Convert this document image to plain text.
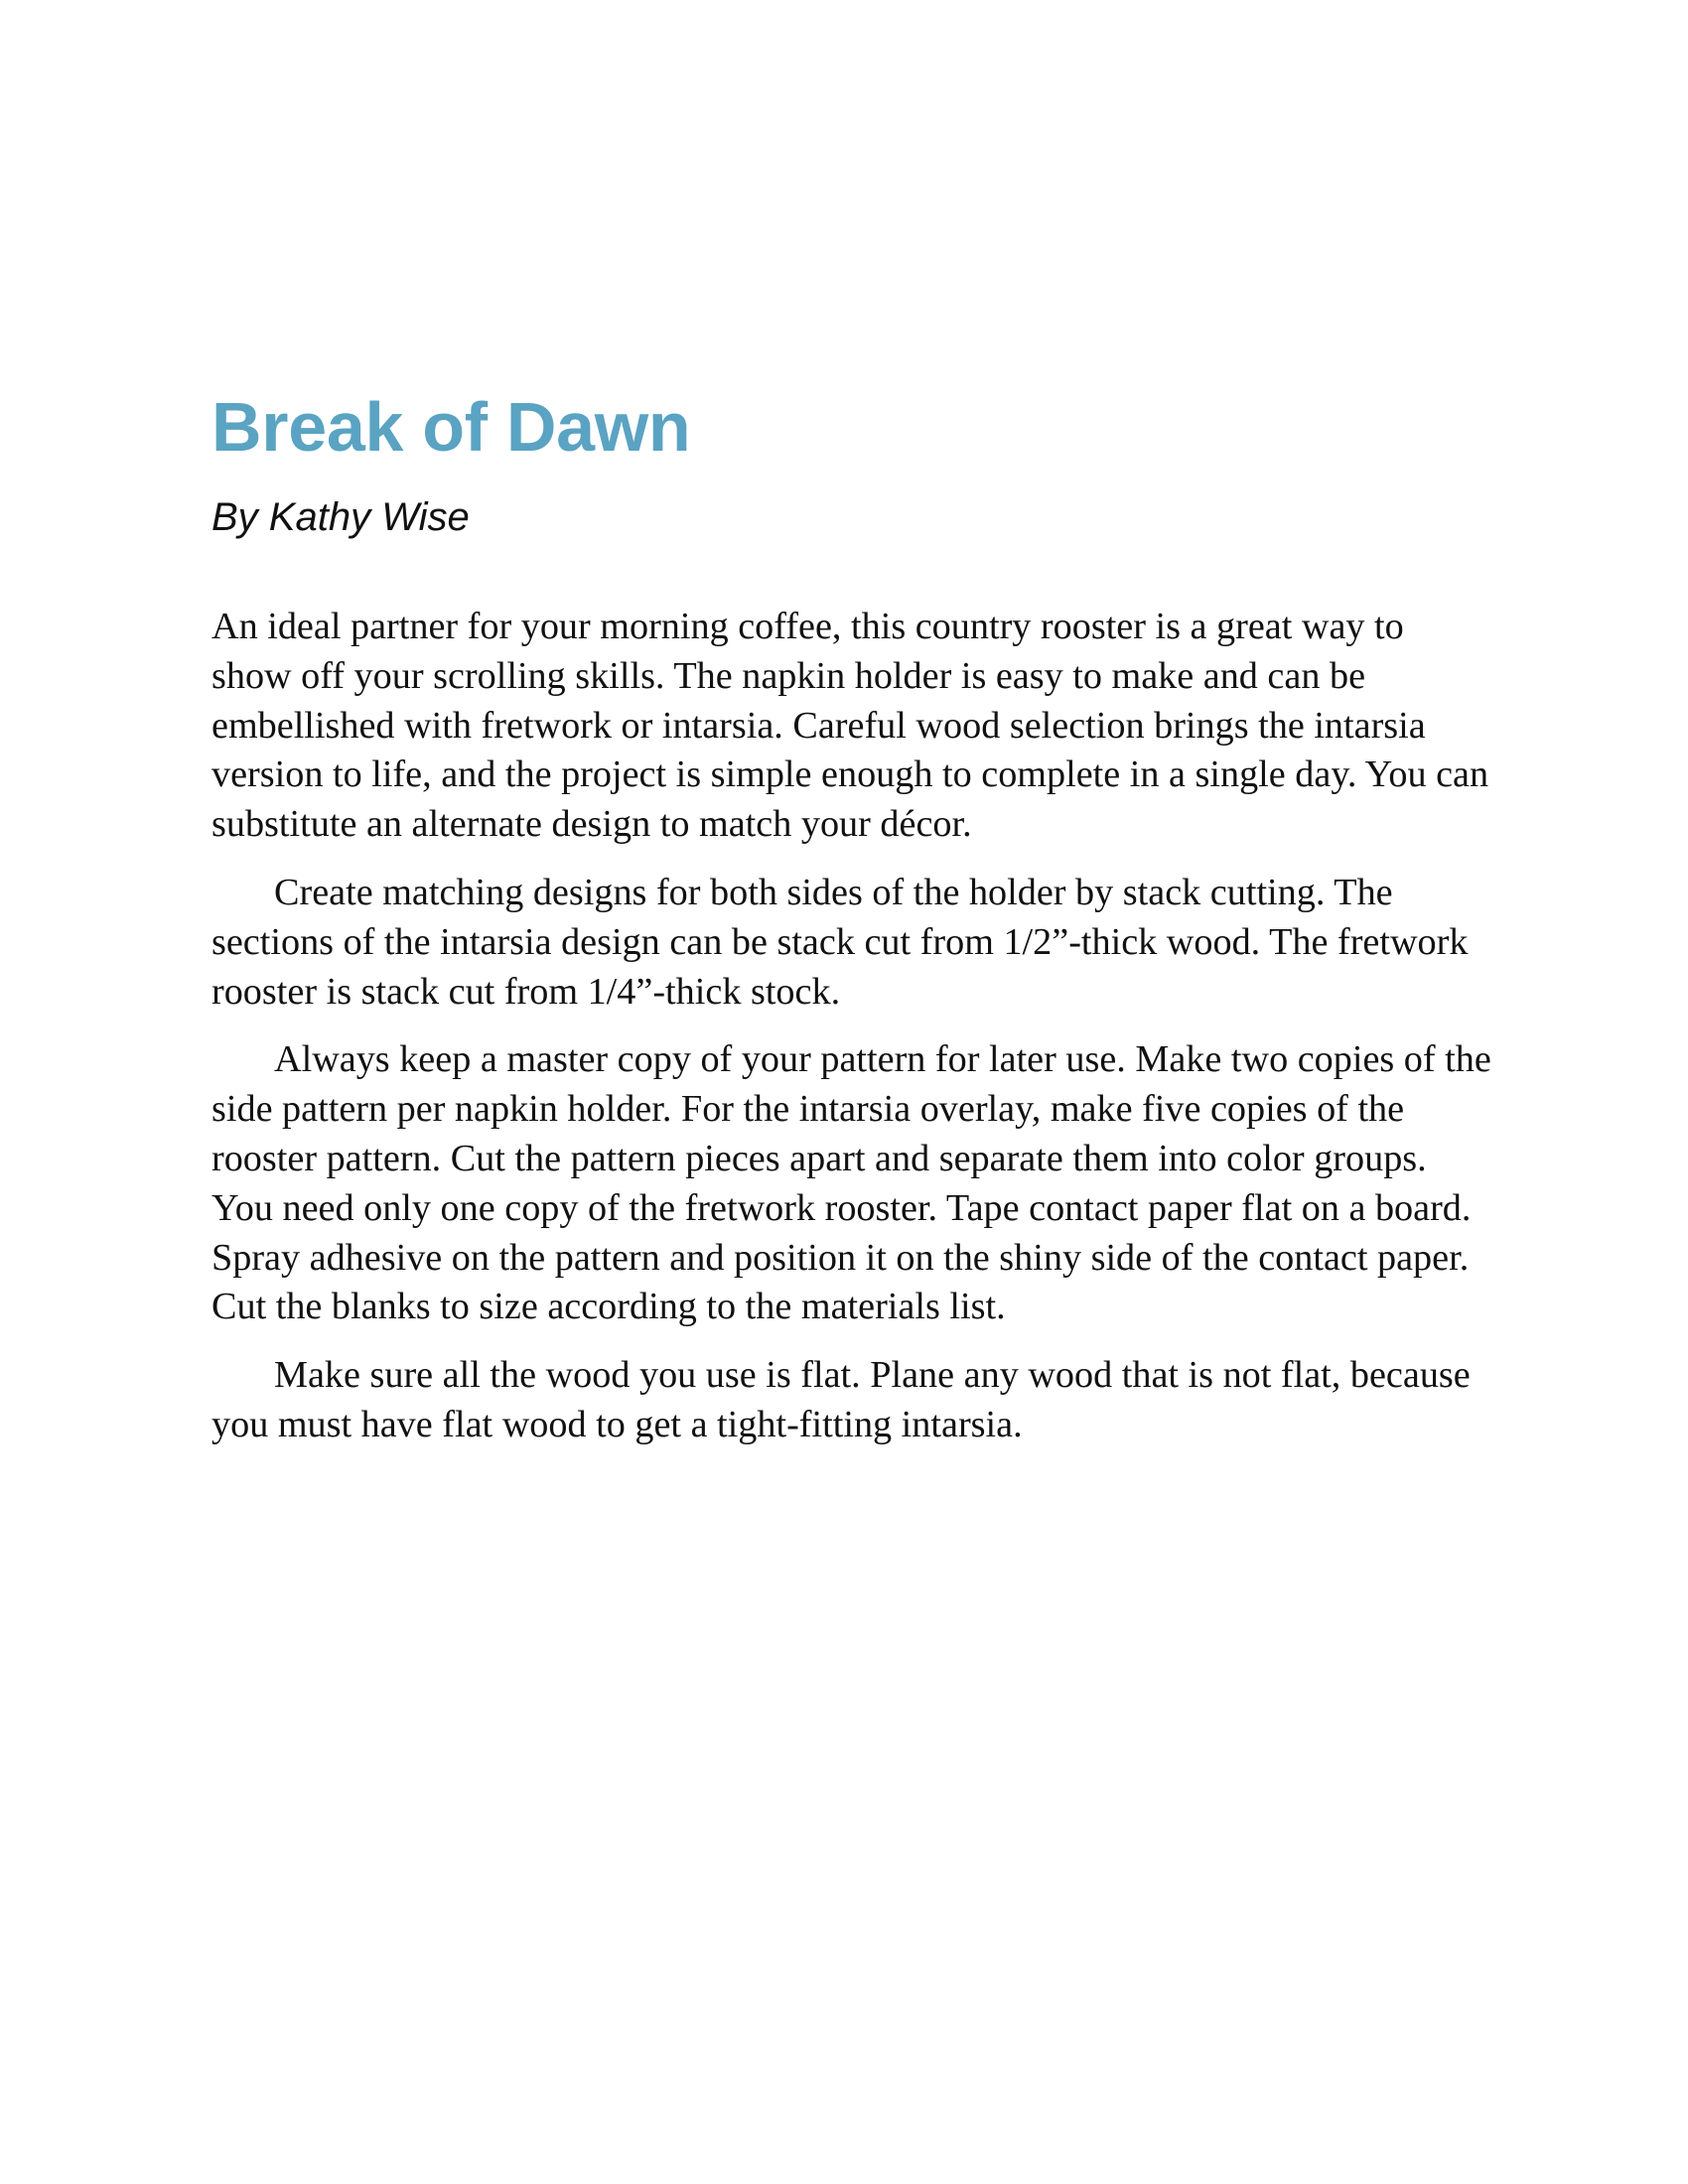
Break of Dawn
By Kathy Wise

An ideal partner for your morning coffee, this country rooster is a great way to show off your scrolling skills. The napkin holder is easy to make and can be embellished with fretwork or intarsia. Careful wood selection brings the intarsia version to life, and the project is simple enough to complete in a single day. You can substitute an alternate design to match your décor.

Create matching designs for both sides of the holder by stack cutting. The sections of the intarsia design can be stack cut from 1/2”-thick wood. The fretwork rooster is stack cut from 1/4”-thick stock.

Always keep a master copy of your pattern for later use. Make two copies of the side pattern per napkin holder. For the intarsia overlay, make five copies of the rooster pattern. Cut the pattern pieces apart and separate them into color groups. You need only one copy of the fretwork rooster. Tape contact paper flat on a board. Spray adhesive on the pattern and position it on the shiny side of the contact paper. Cut the blanks to size according to the materials list.

Make sure all the wood you use is flat. Plane any wood that is not flat, because you must have flat wood to get a tight-fitting intarsia.
